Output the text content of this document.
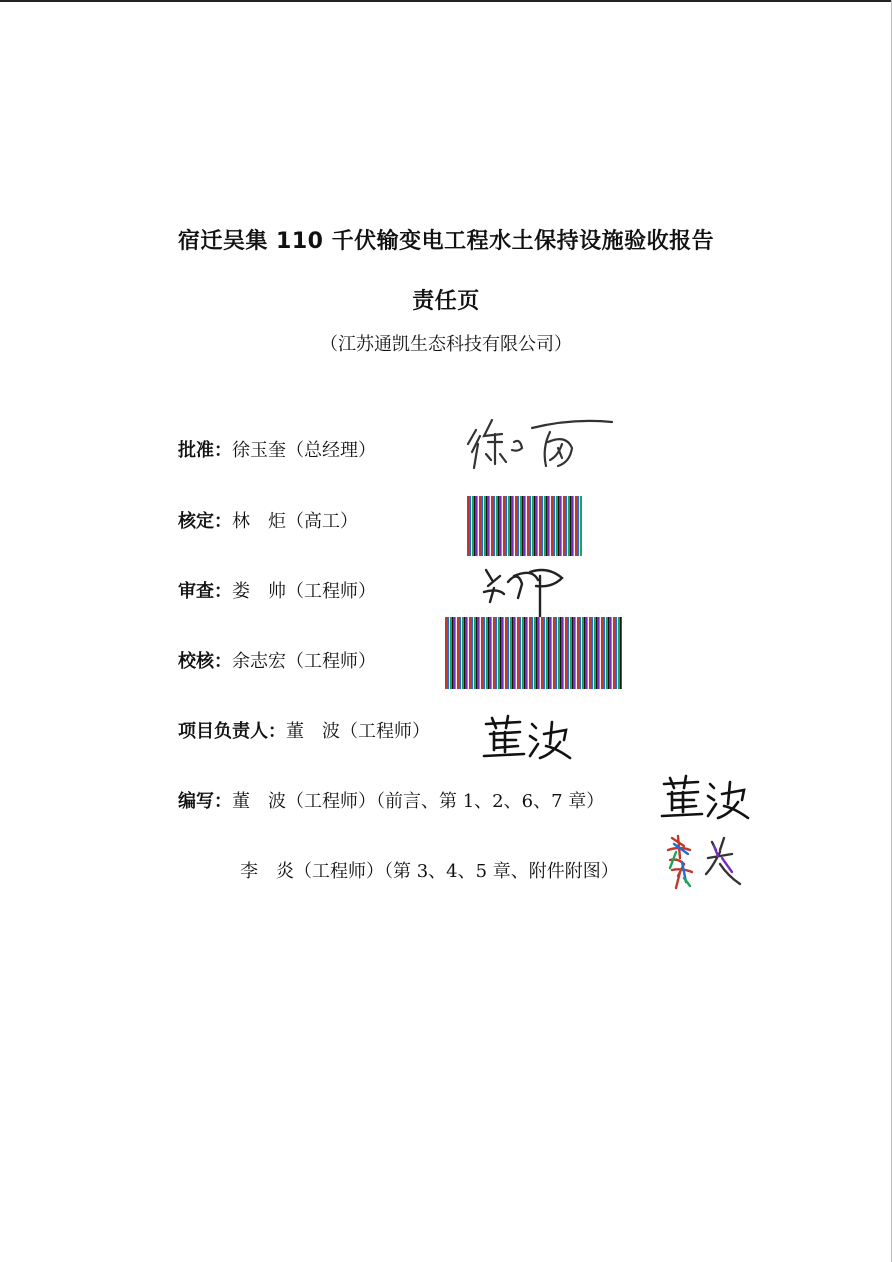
宿迁吴集 110 千伏输变电工程水土保持设施验收报告
责任页
（江苏通凯生态科技有限公司）
批准：徐玉奎（总经理）
核定：林　炬（高工）
审查：娄　帅（工程师）
校核：余志宏（工程师）
项目负责人：董　波（工程师）
编写：董　波（工程师）（前言、第 1、2、6、7 章）
李　炎（工程师）（第 3、4、5 章、附件附图）
